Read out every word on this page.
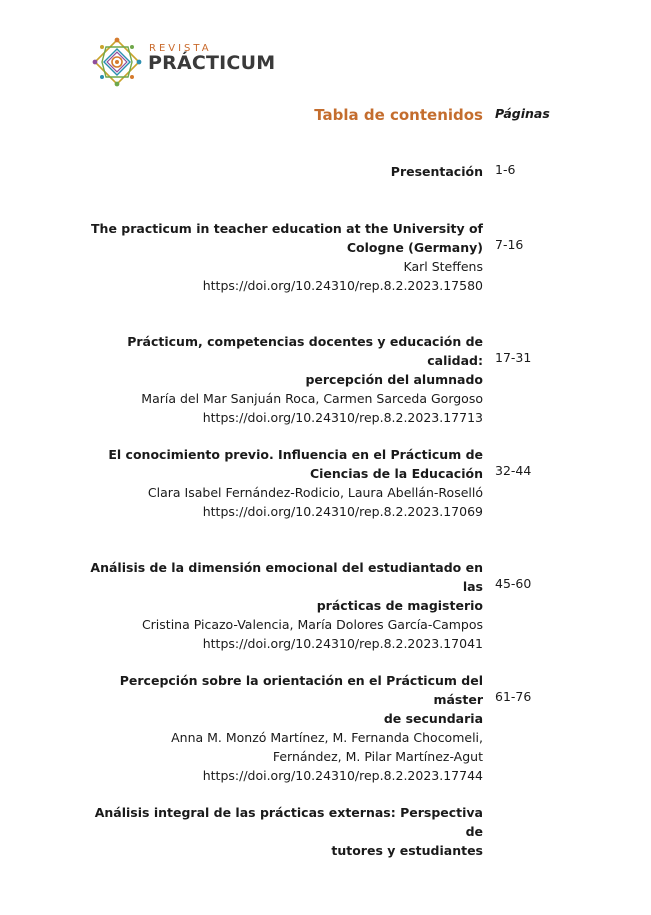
REVISTA
PRÁCTICUM
Tabla de contenidos Páginas
Presentación 1-6
The practicum in teacher education at the University of
Cologne (Germany)
Karl Steffens
https://doi.org/10.24310/rep.8.2.2023.17580
7-16
Prácticum, competencias docentes y educación de calidad:
percepción del alumnado
María del Mar Sanjuán Roca, Carmen Sarceda Gorgoso
https://doi.org/10.24310/rep.8.2.2023.17713
17-31
El conocimiento previo. Influencia en el Prácticum de
Ciencias de la Educación
Clara Isabel Fernández-Rodicio, Laura Abellán-Roselló
https://doi.org/10.24310/rep.8.2.2023.17069
32-44
Análisis de la dimensión emocional del estudiantado en las
prácticas de magisterio
Cristina Picazo-Valencia, María Dolores García-Campos
https://doi.org/10.24310/rep.8.2.2023.17041
45-60
Percepción sobre la orientación en el Prácticum del máster
de secundaria
Anna M. Monzó Martínez, M. Fernanda Chocomeli,
Fernández, M. Pilar Martínez-Agut
https://doi.org/10.24310/rep.8.2.2023.17744
61-76
Análisis integral de las prácticas externas: Perspectiva de
tutores y estudiantes
